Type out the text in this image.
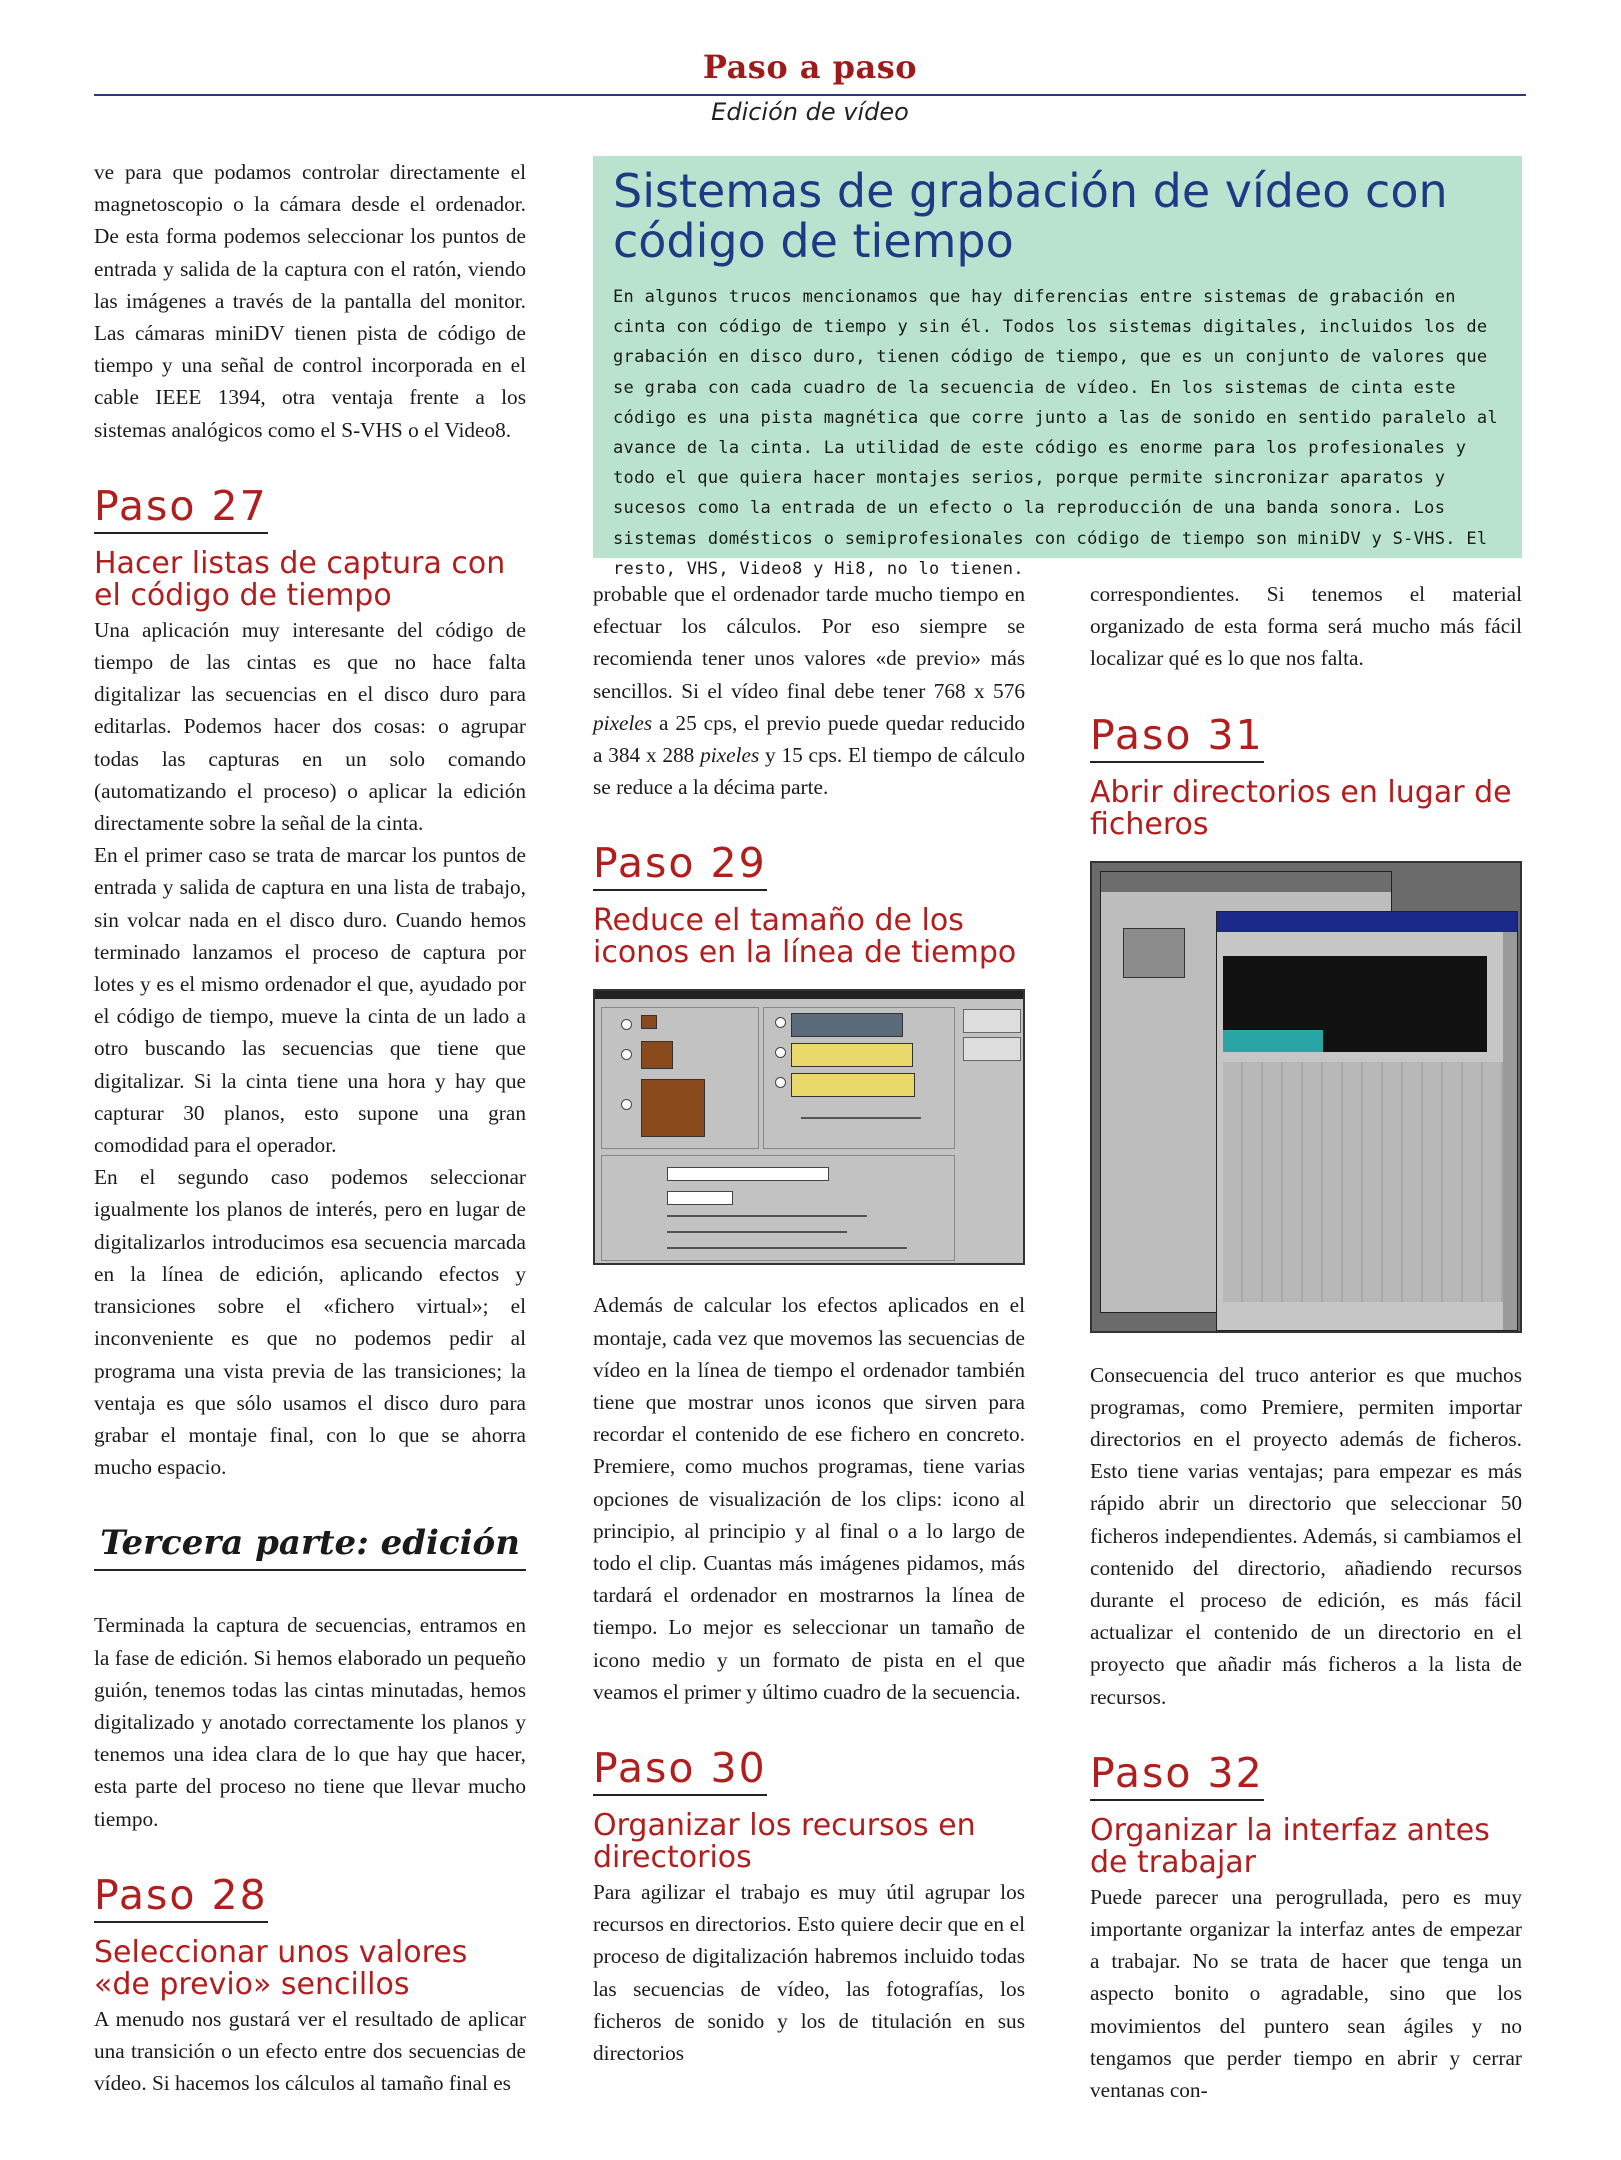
Paso a paso
Edición de vídeo

ve para que podamos controlar directamente el magnetoscopio o la cámara desde el ordenador. De esta forma podemos seleccionar los puntos de entrada y salida de la captura con el ratón, viendo las imágenes a través de la pantalla del monitor. Las cámaras miniDV tienen pista de código de tiempo y una señal de control incorporada en el cable IEEE 1394, otra ventaja frente a los sistemas analógicos como el S-VHS o el Video8.

Paso 27
Hacer listas de captura con el código de tiempo

Una aplicación muy interesante del código de tiempo de las cintas es que no hace falta digitalizar las secuencias en el disco duro para editarlas. Podemos hacer dos cosas: o agrupar todas las capturas en un solo comando (automatizando el proceso) o aplicar la edición directamente sobre la señal de la cinta.

En el primer caso se trata de marcar los puntos de entrada y salida de captura en una lista de trabajo, sin volcar nada en el disco duro. Cuando hemos terminado lanzamos el proceso de captura por lotes y es el mismo ordenador el que, ayudado por el código de tiempo, mueve la cinta de un lado a otro buscando las secuencias que tiene que digitalizar. Si la cinta tiene una hora y hay que capturar 30 planos, esto supone una gran comodidad para el operador.

En el segundo caso podemos seleccionar igualmente los planos de interés, pero en lugar de digitalizarlos introducimos esa secuencia marcada en la línea de edición, aplicando efectos y transiciones sobre el «fichero virtual»; el inconveniente es que no podemos pedir al programa una vista previa de las transiciones; la ventaja es que sólo usamos el disco duro para grabar el montaje final, con lo que se ahorra mucho espacio.

Tercera parte: edición

Terminada la captura de secuencias, entramos en la fase de edición. Si hemos elaborado un pequeño guión, tenemos todas las cintas minutadas, hemos digitalizado y anotado correctamente los planos y tenemos una idea clara de lo que hay que hacer, esta parte del proceso no tiene que llevar mucho tiempo.

Paso 28
Seleccionar unos valores «de previo» sencillos

A menudo nos gustará ver el resultado de aplicar una transición o un efecto entre dos secuencias de vídeo. Si hacemos los cálculos al tamaño final es

Sistemas de grabación de vídeo con código de tiempo

En algunos trucos mencionamos que hay diferencias entre sistemas de grabación en cinta con código de tiempo y sin él. Todos los sistemas digitales, incluidos los de grabación en disco duro, tienen código de tiempo, que es un conjunto de valores que se graba con cada cuadro de la secuencia de vídeo. En los sistemas de cinta este código es una pista magnética que corre junto a las de sonido en sentido paralelo al avance de la cinta. La utilidad de este código es enorme para los profesionales y todo el que quiera hacer montajes serios, porque permite sincronizar aparatos y sucesos como la entrada de un efecto o la reproducción de una banda sonora. Los sistemas domésticos o semiprofesionales con código de tiempo son miniDV y S-VHS. El resto, VHS, Video8 y Hi8, no lo tienen.

probable que el ordenador tarde mucho tiempo en efectuar los cálculos. Por eso siempre se recomienda tener unos valores «de previo» más sencillos. Si el vídeo final debe tener 768 x 576 pixeles a 25 cps, el previo puede quedar reducido a 384 x 288 pixeles y 15 cps. El tiempo de cálculo se reduce a la décima parte.

Paso 29
Reduce el tamaño de los iconos en la línea de tiempo

Además de calcular los efectos aplicados en el montaje, cada vez que movemos las secuencias de vídeo en la línea de tiempo el ordenador también tiene que mostrar unos iconos que sirven para recordar el contenido de ese fichero en concreto. Premiere, como muchos programas, tiene varias opciones de visualización de los clips: icono al principio, al principio y al final o a lo largo de todo el clip. Cuantas más imágenes pidamos, más tardará el ordenador en mostrarnos la línea de tiempo. Lo mejor es seleccionar un tamaño de icono medio y un formato de pista en el que veamos el primer y último cuadro de la secuencia.

Paso 30
Organizar los recursos en directorios

Para agilizar el trabajo es muy útil agrupar los recursos en directorios. Esto quiere decir que en el proceso de digitalización habremos incluido todas las secuencias de vídeo, las fotografías, los ficheros de sonido y los de titulación en sus directorios

correspondientes. Si tenemos el material organizado de esta forma será mucho más fácil localizar qué es lo que nos falta.

Paso 31
Abrir directorios en lugar de ficheros

Consecuencia del truco anterior es que muchos programas, como Premiere, permiten importar directorios en el proyecto además de ficheros. Esto tiene varias ventajas; para empezar es más rápido abrir un directorio que seleccionar 50 ficheros independientes. Además, si cambiamos el contenido del directorio, añadiendo recursos durante el proceso de edición, es más fácil actualizar el contenido de un directorio en el proyecto que añadir más ficheros a la lista de recursos.

Paso 32
Organizar la interfaz antes de trabajar

Puede parecer una perogrullada, pero es muy importante organizar la interfaz antes de empezar a trabajar. No se trata de hacer que tenga un aspecto bonito o agradable, sino que los movimientos del puntero sean ágiles y no tengamos que perder tiempo en abrir y cerrar ventanas con-
